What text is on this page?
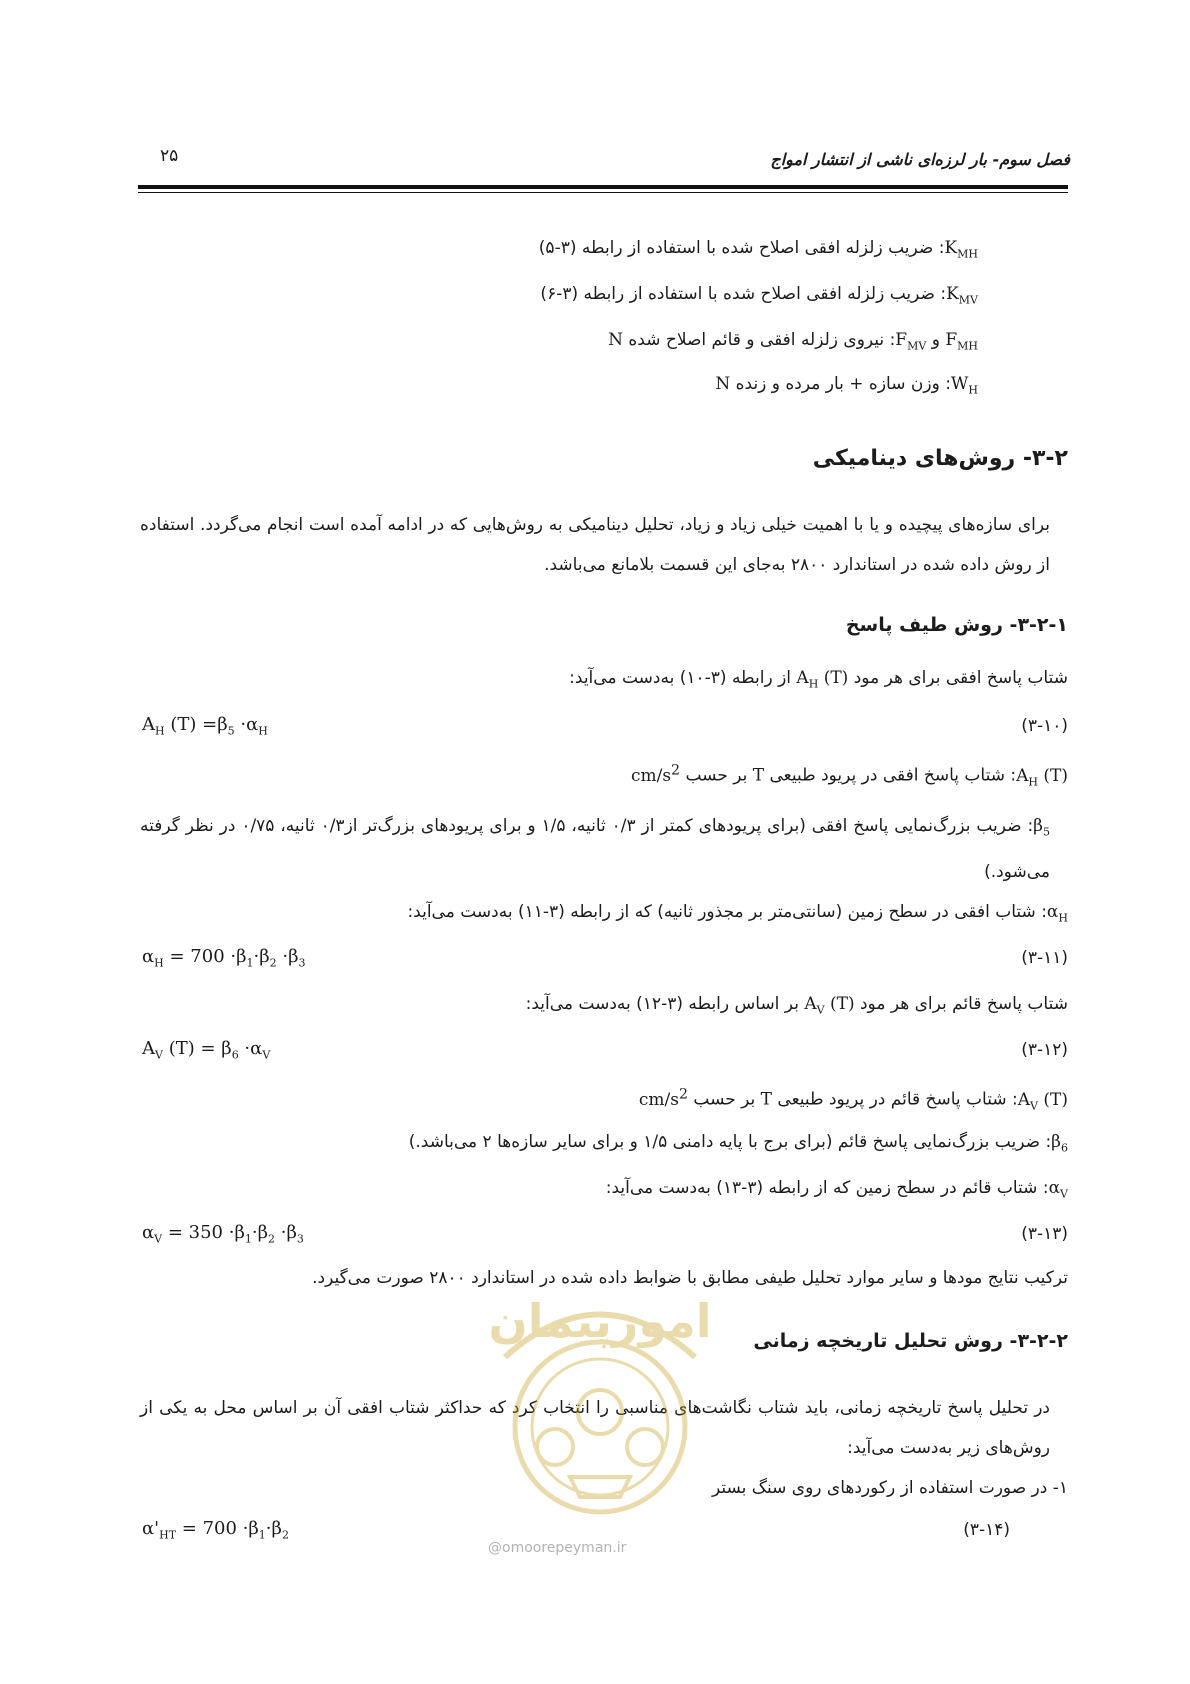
فصل سوم- بار لرزه‌ای ناشی از انتشار امواج
۲۵
$K_{MH}$: ضریب زلزله افقی اصلاح شده با استفاده از رابطه (۳-۵)
$K_{MV}$: ضریب زلزله افقی اصلاح شده با استفاده از رابطه (۳-۶)
$F_{MH}$ و $F_{MV}$: نیروی زلزله افقی و قائم اصلاح شده N
$W_H$: وزن سازه + بار مرده و زنده N
۳-۲- روش‌های دینامیکی
برای سازه‌های پیچیده و یا با اهمیت خیلی زیاد و زیاد، تحلیل دینامیکی به روش‌هایی که در ادامه آمده است انجام می‌گردد. استفاده از روش داده شده در استاندارد ۲۸۰۰ به‌جای این قسمت بلامانع می‌باشد.
۳-۲-۱- روش طیف پاسخ
شتاب پاسخ افقی برای هر مود $A_H$ (T) از رابطه (۳-۱۰) به‌دست می‌آید:
(۳-۱۰)
$A_H$ $(T) =\beta_5 \cdot\alpha_H$
$A_H$ (T): شتاب پاسخ افقی در پریود طبیعی T بر حسب $cm/s^2$
$\beta_5$: ضریب بزرگ‌نمایی پاسخ افقی (برای پریودهای کمتر از ۰/۳ ثانیه، ۱/۵ و برای پریودهای بزرگ‌تر از۰/۳ ثانیه، ۰/۷۵ در نظر گرفته می‌شود.)
$\alpha_H$: شتاب افقی در سطح زمین (سانتی‌متر بر مجذور ثانیه) که از رابطه (۳-۱۱) به‌دست می‌آید:
(۳-۱۱)
$\alpha_H = 700 \cdot\beta_1\cdot\beta_2 \cdot\beta_3$
شتاب پاسخ قائم برای هر مود $A_V$ (T) بر اساس رابطه (۳-۱۲) به‌دست می‌آید:
(۳-۱۲)
$A_V$ $(T) = \beta_6 \cdot\alpha_V$
$A_V$ (T): شتاب پاسخ قائم در پریود طبیعی T بر حسب $cm/s^2$
$\beta_6$: ضریب بزرگ‌نمایی پاسخ قائم (برای برج با پایه دامنی ۱/۵ و برای سایر سازه‌ها ۲ می‌باشد.)
$\alpha_V$: شتاب قائم در سطح زمین که از رابطه (۳-۱۳) به‌دست می‌آید:
(۳-۱۳)
$\alpha_V = 350 \cdot\beta_1\cdot\beta_2 \cdot\beta_3$
ترکیب نتایج مودها و سایر موارد تحلیل طیفی مطابق با ضوابط داده شده در استاندارد ۲۸۰۰ صورت می‌گیرد.
۳-۲-۲- روش تحلیل تاریخچه زمانی
در تحلیل پاسخ تاریخچه زمانی، باید شتاب نگاشت‌های مناسبی را انتخاب کرد که حداکثر شتاب افقی آن بر اساس محل به یکی از روش‌های زیر به‌دست می‌آید:
۱- در صورت استفاده از رکوردهای روی سنگ بستر
(۳-۱۴)
$\alpha'_{HT} = 700 \cdot\beta_1\cdot\beta_2$
امورپیمان
@omoorepeyman.ir
